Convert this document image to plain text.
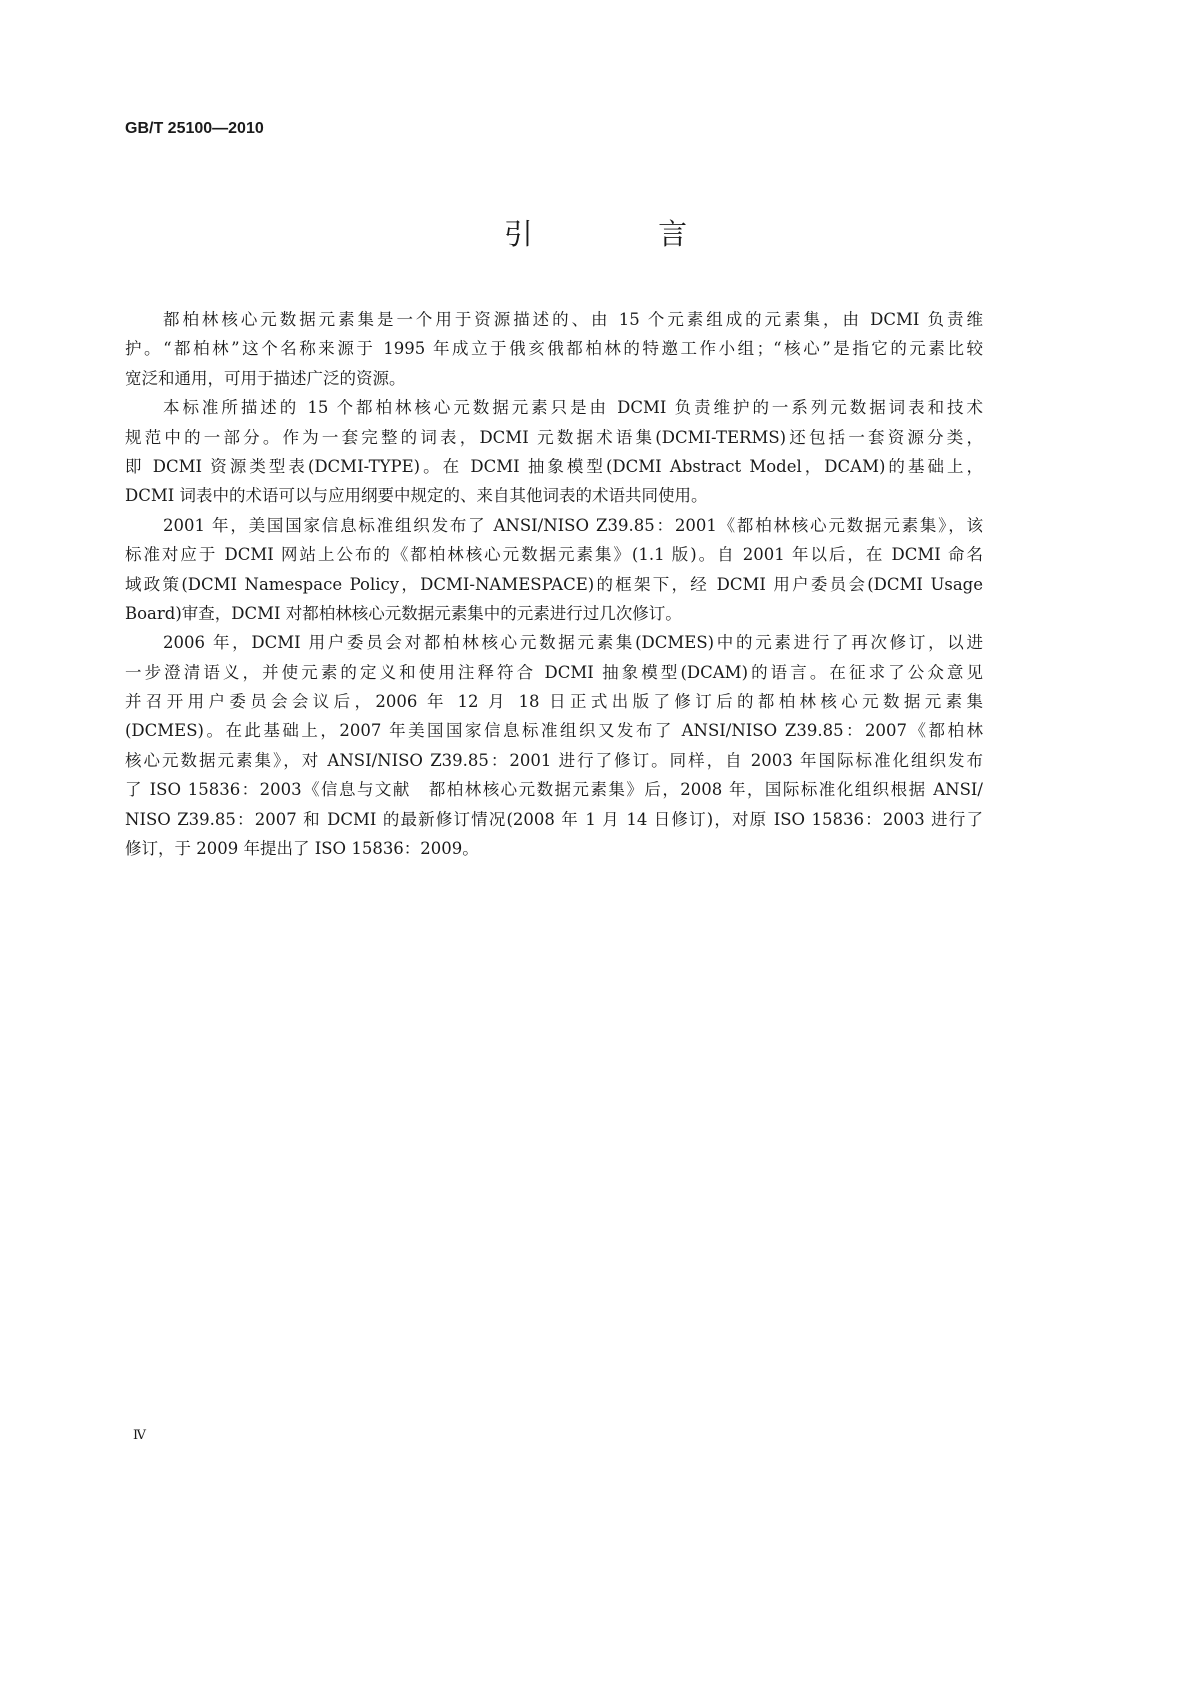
GB/T 25100—2010
引 言
都柏林核心元数据元素集是一个用于资源描述的、由 15 个元素组成的元素集，由 DCMI 负责维
护。“都柏林”这个名称来源于 1995 年成立于俄亥俄都柏林的特邀工作小组；“核心”是指它的元素比较
宽泛和通用，可用于描述广泛的资源。
本标准所描述的 15 个都柏林核心元数据元素只是由 DCMI 负责维护的一系列元数据词表和技术
规范中的一部分。作为一套完整的词表，DCMI 元数据术语集(DCMI-TERMS)还包括一套资源分类，
即 DCMI 资源类型表(DCMI-TYPE)。在 DCMI 抽象模型(DCMI Abstract Model，DCAM)的基础上，
DCMI 词表中的术语可以与应用纲要中规定的、来自其他词表的术语共同使用。
2001 年，美国国家信息标准组织发布了 ANSI/NISO Z39.85：2001《都柏林核心元数据元素集》，该
标准对应于 DCMI 网站上公布的《都柏林核心元数据元素集》(1.1 版)。自 2001 年以后，在 DCMI 命名
域政策(DCMI Namespace Policy，DCMI-NAMESPACE)的框架下，经 DCMI 用户委员会(DCMI Usage
Board)审查，DCMI 对都柏林核心元数据元素集中的元素进行过几次修订。
2006 年，DCMI 用户委员会对都柏林核心元数据元素集(DCMES)中的元素进行了再次修订，以进
一步澄清语义，并使元素的定义和使用注释符合 DCMI 抽象模型(DCAM)的语言。在征求了公众意见
并召开用户委员会会议后，2006 年 12 月 18 日正式出版了修订后的都柏林核心元数据元素集
(DCMES)。在此基础上，2007 年美国国家信息标准组织又发布了 ANSI/NISO Z39.85：2007《都柏林
核心元数据元素集》，对 ANSI/NISO Z39.85：2001 进行了修订。同样，自 2003 年国际标准化组织发布
了 ISO 15836：2003《信息与文献　都柏林核心元数据元素集》后，2008 年，国际标准化组织根据 ANSI/
NISO Z39.85：2007 和 DCMI 的最新修订情况(2008 年 1 月 14 日修订)，对原 ISO 15836：2003 进行了
修订，于 2009 年提出了 ISO 15836：2009。
Ⅳ
